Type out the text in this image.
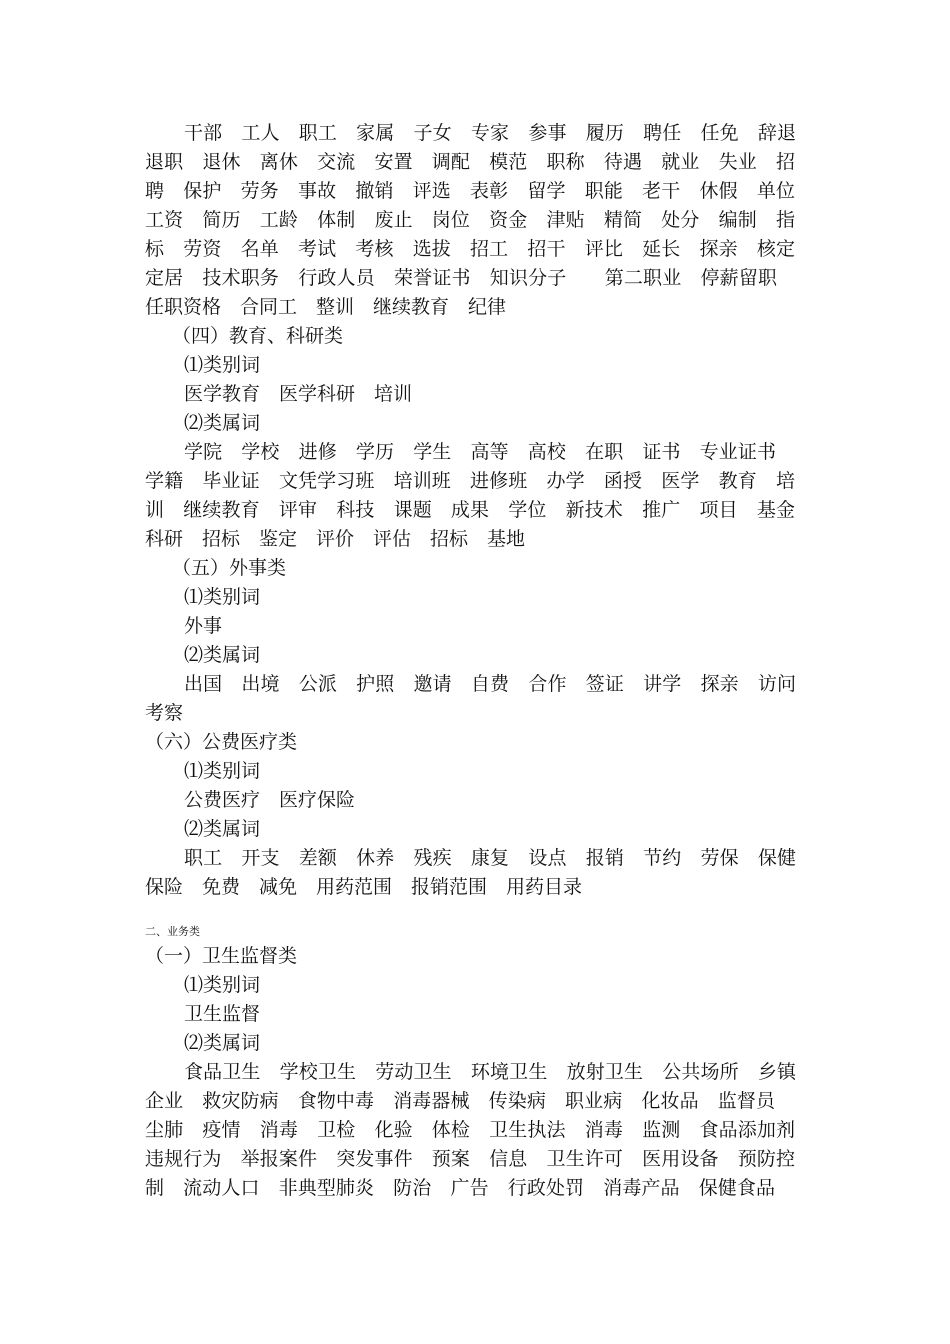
干部　工人　职工　家属　子女　专家　参事　履历　聘任　任免　辞退
退职　退休　离休　交流　安置　调配　模范　职称　待遇　就业　失业　招
聘　保护　劳务　事故　撤销　评选　表彰　留学　职能　老干　休假　单位
工资　简历　工龄　体制　废止　岗位　资金　津贴　精简　处分　编制　指
标　劳资　名单　考试　考核　选拔　招工　招干　评比　延长　探亲　核定
定居　技术职务　行政人员　荣誉证书　知识分子　　第二职业　停薪留职
任职资格　合同工　整训　继续教育　纪律
（四）教育、科研类
⑴类别词
医学教育　医学科研　培训
⑵类属词
学院　学校　进修　学历　学生　高等　高校　在职　证书　专业证书
学籍　毕业证　文凭学习班　培训班　进修班　办学　函授　医学　教育　培
训　继续教育　评审　科技　课题　成果　学位　新技术　推广　项目　基金
科研　招标　鉴定　评价　评估　招标　基地
（五）外事类
⑴类别词
外事
⑵类属词
出国　出境　公派　护照　邀请　自费　合作　签证　讲学　探亲　访问
考察
（六）公费医疗类
⑴类别词
公费医疗　医疗保险
⑵类属词
职工　开支　差额　休养　残疾　康复　设点　报销　节约　劳保　保健
保险　免费　减免　用药范围　报销范围　用药目录
二、业务类
（一）卫生监督类
⑴类别词
卫生监督
⑵类属词
食品卫生　学校卫生　劳动卫生　环境卫生　放射卫生　公共场所　乡镇
企业　救灾防病　食物中毒　消毒器械　传染病　职业病　化妆品　监督员
尘肺　疫情　消毒　卫检　化验　体检　卫生执法　消毒　监测　食品添加剂
违规行为　举报案件　突发事件　预案　信息　卫生许可　医用设备　预防控
制　流动人口　非典型肺炎　防治　广告　行政处罚　消毒产品　保健食品
